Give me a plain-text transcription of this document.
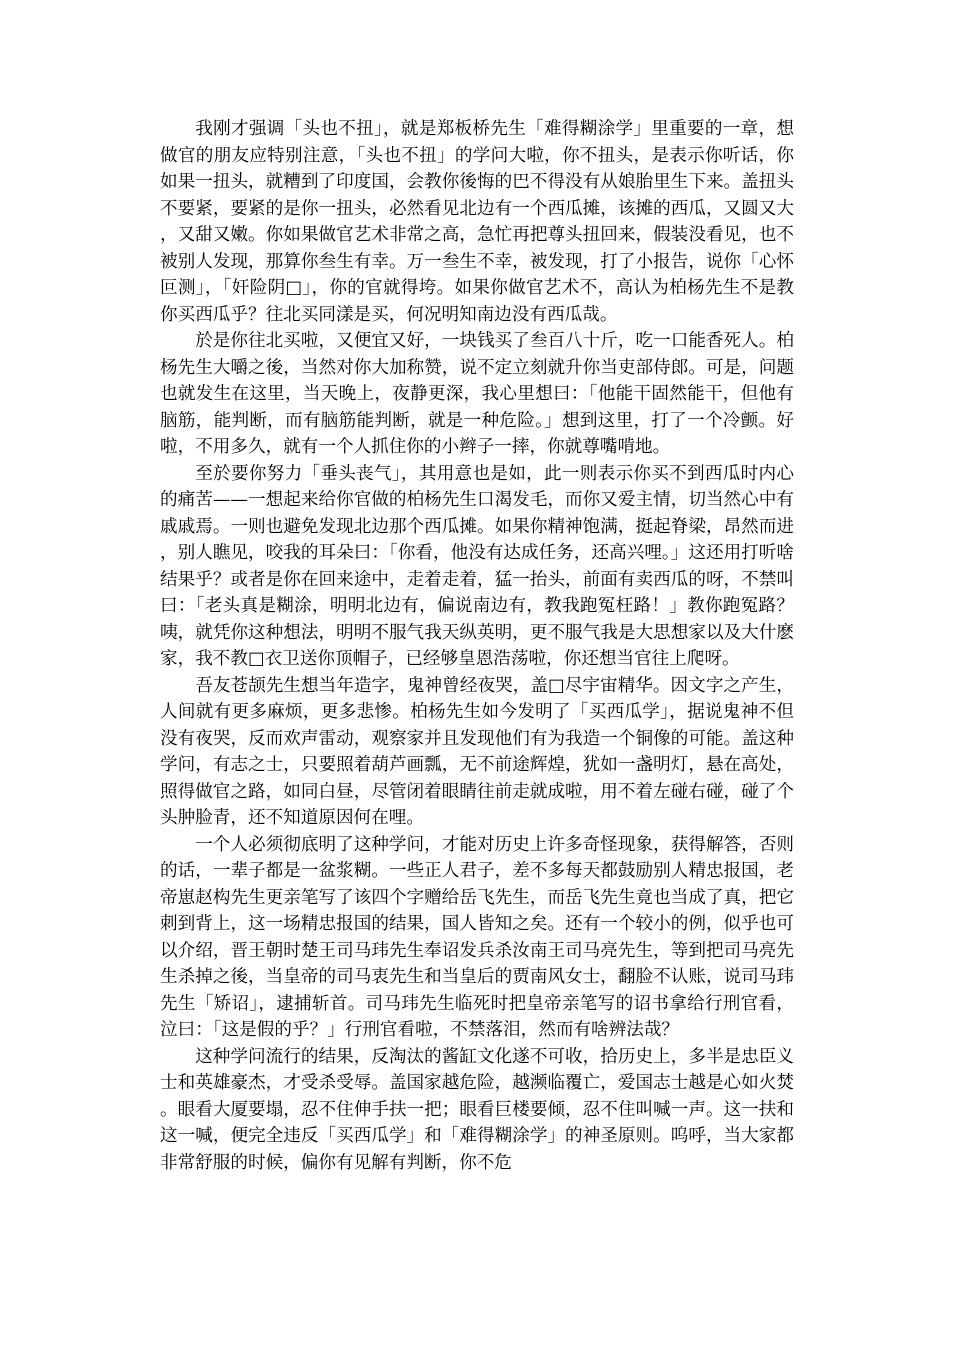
我刚才强调「头也不扭」，就是郑板桥先生「难得糊涂学」里重要的一章，想做官的朋友应特别注意，「头也不扭」的学问大啦，你不扭头，是表示你听话，你如果一扭头，就糟到了印度国，会教你後悔的巴不得没有从娘胎里生下来。盖扭头不要紧，要紧的是你一扭头，必然看见北边有一个西瓜摊，该摊的西瓜，又圆又大，又甜又嫩。你如果做官艺术非常之高，急忙再把尊头扭回来，假装没看见，也不被别人发现，那算你叁生有幸。万一叁生不幸，被发现，打了小报告，说你「心怀叵测」，「奸险阴□」，你的官就得垮。如果你做官艺术不，高认为柏杨先生不是教你买西瓜乎？往北买同漾是买，何况明知南边没有西瓜哉。

於是你往北买啦，又便宜又好，一块钱买了叁百八十斤，吃一口能香死人。柏杨先生大嚼之後，当然对你大加称赞，说不定立刻就升你当吏部侍郎。可是，问题也就发生在这里，当天晚上，夜静更深，我心里想曰：「他能干固然能干，但他有脑筋，能判断，而有脑筋能判断，就是一种危险。」想到这里，打了一个冷颤。好啦，不用多久，就有一个人抓住你的小辫子一摔，你就尊嘴啃地。

至於要你努力「垂头丧气」，其用意也是如，此一则表示你买不到西瓜时内心的痛苦——一想起来给你官做的柏杨先生口渴发毛，而你又爱主情，切当然心中有戚戚焉。一则也避免发现北边那个西瓜摊。如果你精神饱满，挺起脊梁，昂然而进，别人瞧见，咬我的耳朵曰：「你看，他没有达成任务，还高兴哩。」这还用打听啥结果乎？或者是你在回来途中，走着走着，猛一抬头，前面有卖西瓜的呀，不禁叫曰：「老头真是糊涂，明明北边有，偏说南边有，教我跑冤枉路！」教你跑冤路？咦，就凭你这种想法，明明不服气我天纵英明，更不服气我是大思想家以及大什麽家，我不教□衣卫送你顶帽子，已经够皇恩浩荡啦，你还想当官往上爬呀。

吾友苍颉先生想当年造字，鬼神曾经夜哭，盖□尽宇宙精华。因文字之产生，人间就有更多麻烦，更多悲惨。柏杨先生如今发明了「买西瓜学」，据说鬼神不但没有夜哭，反而欢声雷动，观察家并且发现他们有为我造一个铜像的可能。盖这种学问，有志之士，只要照着葫芦画瓢，无不前途辉煌，犹如一盏明灯，悬在高处，照得做官之路，如同白昼，尽管闭着眼睛往前走就成啦，用不着左碰右碰，碰了个头肿脸青，还不知道原因何在哩。

一个人必须彻底明了这种学问，才能对历史上许多奇怪现象，获得解答，否则的话，一辈子都是一盆浆糊。一些正人君子，差不多每天都鼓励别人精忠报国，老帝崽赵构先生更亲笔写了该四个字赠给岳飞先生，而岳飞先生竟也当成了真，把它刺到背上，这一场精忠报国的结果，国人皆知之矣。还有一个较小的例，似乎也可以介绍，晋王朝时楚王司马玮先生奉诏发兵杀汝南王司马亮先生，等到把司马亮先生杀掉之後，当皇帝的司马衷先生和当皇后的贾南风女士，翻脸不认账，说司马玮先生「矫诏」，逮捕斩首。司马玮先生临死时把皇帝亲笔写的诏书拿给行刑官看，泣曰：「这是假的乎？」行刑官看啦，不禁落泪，然而有啥辨法哉？

这种学问流行的结果，反淘汰的酱缸文化遂不可收，拾历史上，多半是忠臣义士和英雄豪杰，才受杀受辱。盖国家越危险，越濒临覆亡，爱国志士越是心如火焚。眼看大厦要塌，忍不住伸手扶一把；眼看巨楼要倾，忍不住叫喊一声。这一扶和这一喊，便完全违反「买西瓜学」和「难得糊涂学」的神圣原则。呜呼，当大家都非常舒服的时候，偏你有见解有判断，你不危
